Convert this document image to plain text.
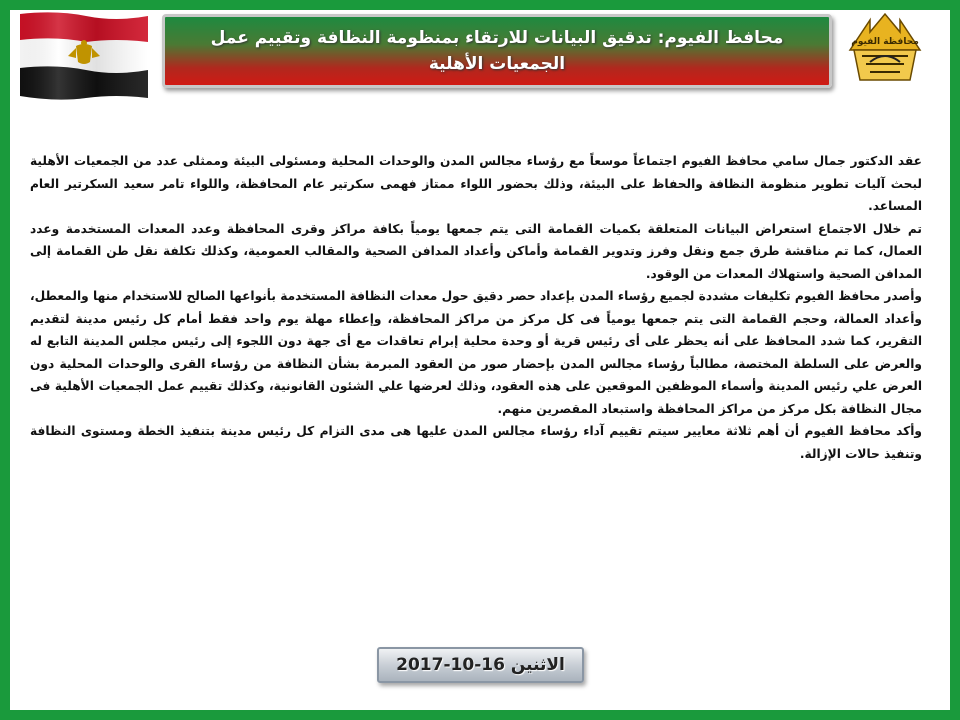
محافظ الفيوم: تدقيق البيانات للارتقاء بمنظومة النظافة وتقييم عمل الجمعيات الأهلية
محافظة الفيوم

عقد الدكتور جمال سامي محافظ الفيوم اجتماعاً موسعاً مع رؤساء مجالس المدن والوحدات المحلية ومسئولى البيئة وممثلى عدد من الجمعيات الأهلية لبحث آليات تطوير منظومة النظافة والحفاظ على البيئة، وذلك بحضور اللواء ممتاز فهمى سكرتير عام المحافظة، واللواء تامر سعيد السكرتير العام المساعد.

تم خلال الاجتماع استعراض البيانات المتعلقة بكميات القمامة التى يتم جمعها يومياً بكافة مراكز وقرى المحافظة وعدد المعدات المستخدمة وعدد العمال، كما تم مناقشة طرق جمع ونقل وفرز وتدوير القمامة وأماكن وأعداد المدافن الصحية والمقالب العمومية، وكذلك تكلفة نقل طن القمامة إلى المدافن الصحية واستهلاك المعدات من الوقود.

وأصدر محافظ الفيوم تكليفات مشددة لجميع رؤساء المدن بإعداد حصر دقيق حول معدات النظافة المستخدمة بأنواعها الصالح للاستخدام منها والمعطل، وأعداد العمالة، وحجم القمامة التى يتم جمعها يومياً فى كل مركز من مراكز المحافظة، وإعطاء مهلة يوم واحد فقط أمام كل رئيس مدينة لتقديم التقرير، كما شدد المحافظ على أنه يحظر على أى رئيس قرية أو وحدة محلية إبرام تعاقدات مع أى جهة دون اللجوء إلى رئيس مجلس المدينة التابع له والعرض على السلطة المختصة، مطالباً رؤساء مجالس المدن بإحضار صور من العقود المبرمة بشأن النظافة من رؤساء القرى والوحدات المحلية دون العرض علي رئيس المدينة وأسماء الموظفين الموقعين على هذه العقود، وذلك لعرضها علي الشئون القانونية، وكذلك تقييم عمل الجمعيات الأهلية فى مجال النظافة بكل مركز من مراكز المحافظة واستبعاد المقصرين منهم.

وأكد محافظ الفيوم أن أهم ثلاثة معايير سيتم تقييم آداء رؤساء مجالس المدن عليها هى مدى التزام كل رئيس مدينة بتنفيذ الخطة ومستوى النظافة وتنفيذ حالات الإزالة.

الاثنين 16-10-2017
